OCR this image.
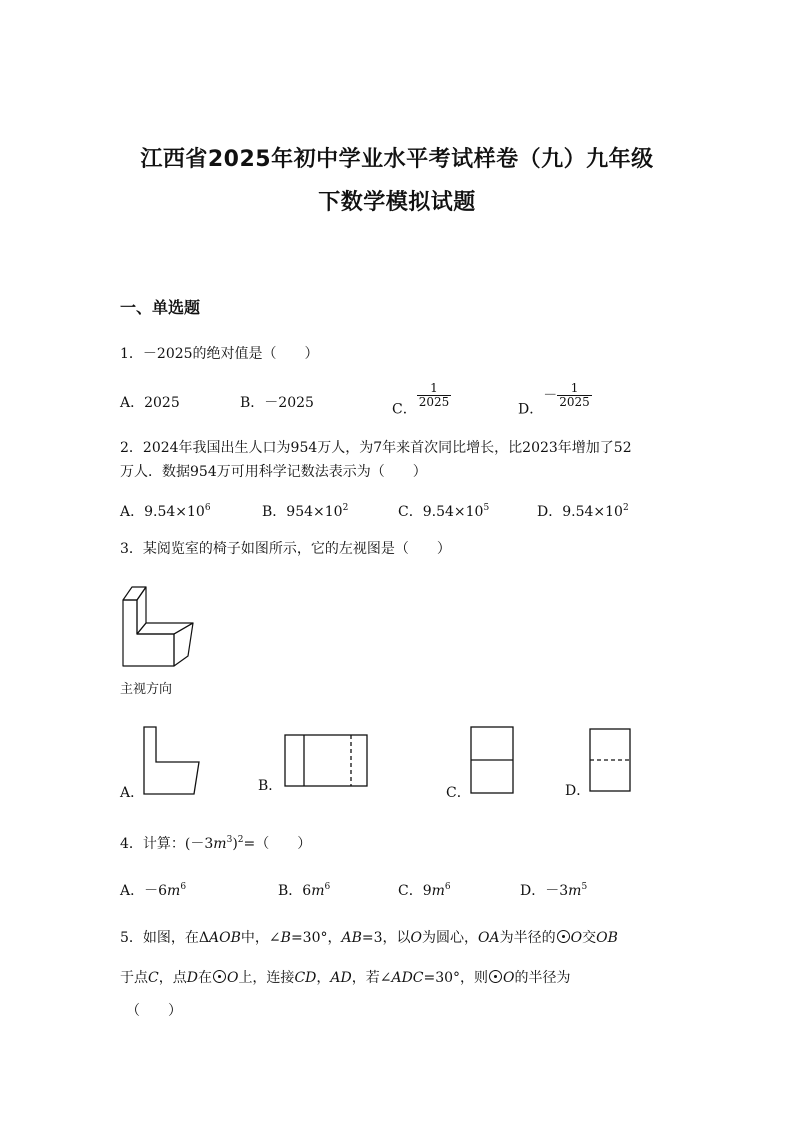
江西省2025年初中学业水平考试样卷（九）九年级
下数学模拟试题
一、单选题
1．－2025的绝对值是（　　）
A．2025	B．－2025	C．
$\frac{1}{2025}$
D．－ $\frac{1}{2025}$
2．2024年我国出生人口为954万人，为7年来首次同比增长，比2023年增加了52
万人．数据954万可用科学记数法表示为（　　）
A．$9.54\times 10^6$	B．$954\times 10^2$	C．$9.54\times 10^5$	D．$9.54\times 10^2$
3．某阅览室的椅子如图所示，它的左视图是（　　）
主视方向
A．	B．	C．	D．
4．计算：$(-3m^3)^2=$（　　）
A．$-6m^6$	B．$6m^6$	C．$9m^6$	D．$-3m^5$
5．如图，在ΔAOB中，∠B=30°，AB=3，以O为圆心，OA为半径的 O交OB
于点C，点D在 O上，连接CD，AD，若∠ADC=30°，则 O的半径为
（　　）
